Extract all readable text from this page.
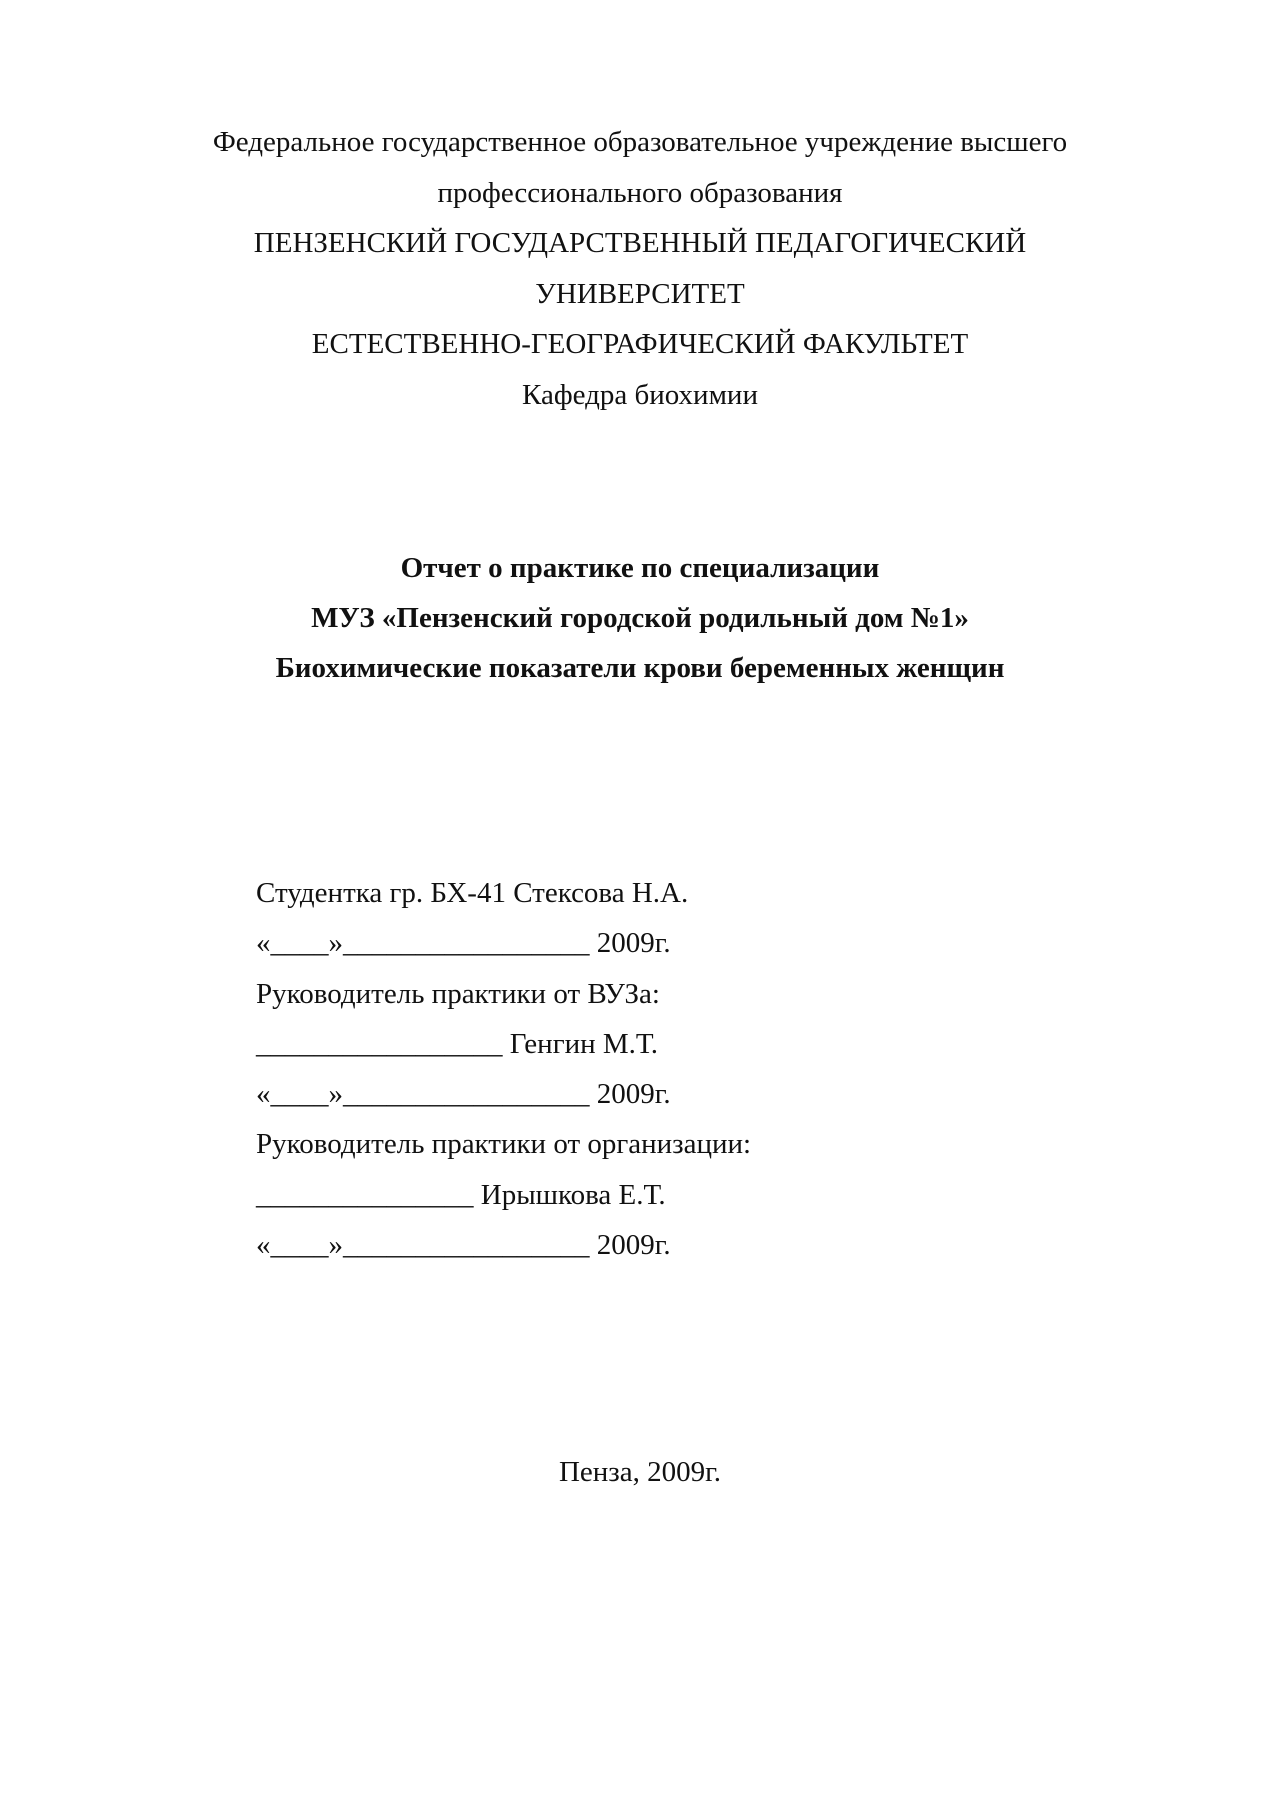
Федеральное государственное образовательное учреждение высшего
профессионального образования
ПЕНЗЕНСКИЙ ГОСУДАРСТВЕННЫЙ ПЕДАГОГИЧЕСКИЙ
УНИВЕРСИТЕТ
ЕСТЕСТВЕННО-ГЕОГРАФИЧЕСКИЙ ФАКУЛЬТЕТ
Кафедра биохимии
Отчет о практике по специализации
МУЗ «Пензенский городской родильный дом №1»
Биохимические показатели крови беременных женщин
Студентка гр. БХ-41 Стексова Н.А.
«____»_________________ 2009г.
Руководитель практики от ВУЗа:
_________________ Генгин М.Т.
«____»_________________ 2009г.
Руководитель практики от организации:
_______________ Ирышкова Е.Т.
«____»_________________ 2009г.
Пенза, 2009г.
